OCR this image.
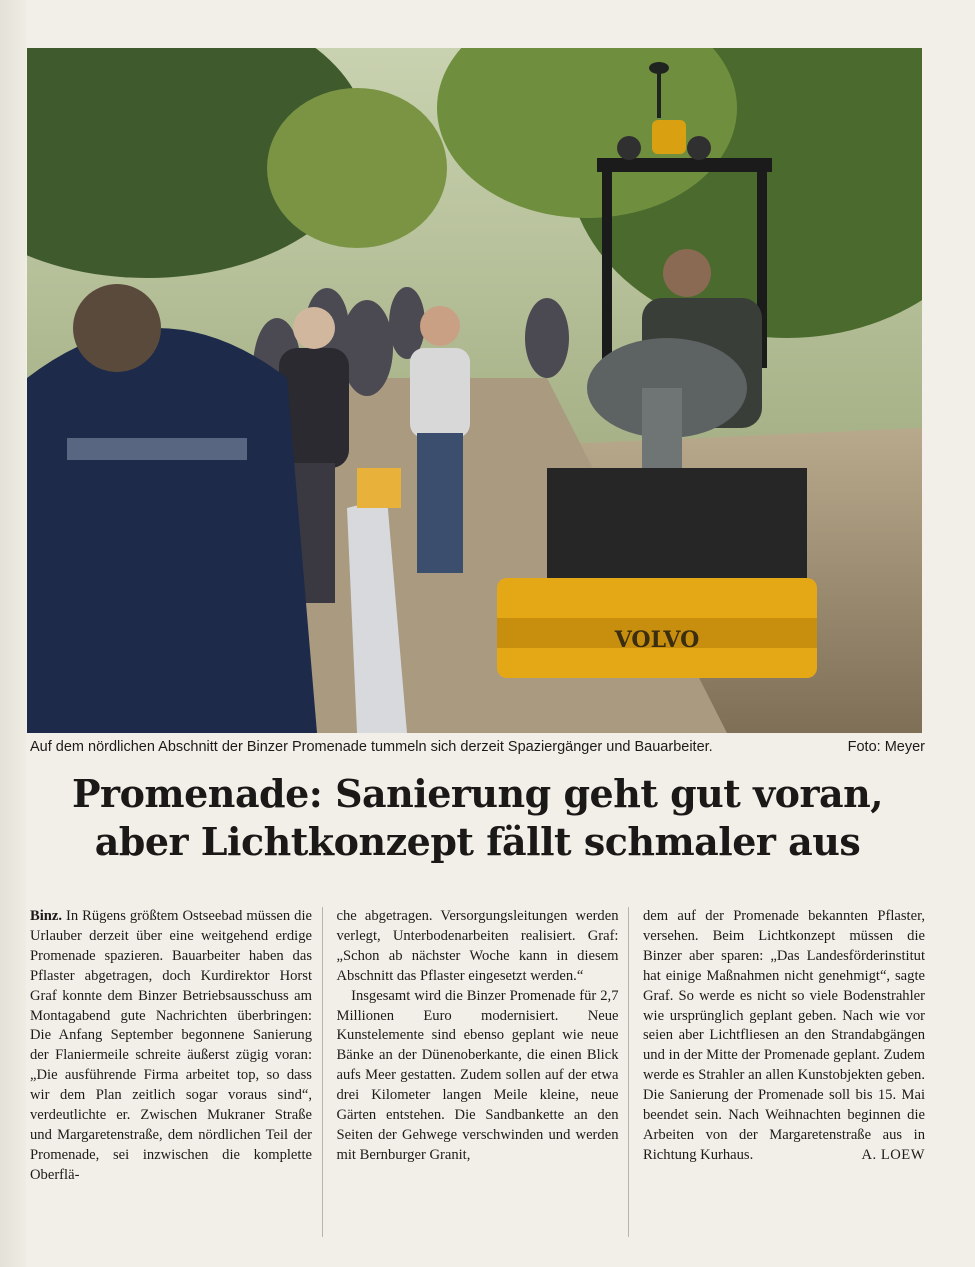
VOLVO
Auf dem nördlichen Abschnitt der Binzer Promenade tummeln sich derzeit Spaziergänger und Bauarbeiter.	Foto: Meyer
Promenade: Sanierung geht gut voran,
aber Lichtkonzept fällt schmaler aus

Binz. In Rügens größtem Ostseebad müssen die Urlauber derzeit über eine weitgehend erdige Promenade spazieren. Bauarbeiter haben das Pflaster abgetragen, doch Kurdirektor Horst Graf konnte dem Binzer Betriebsausschuss am Montagabend gute Nachrichten überbringen: Die Anfang September begonnene Sanierung der Flaniermeile schreite äußerst zügig voran: „Die ausführende Firma arbeitet top, so dass wir dem Plan zeitlich sogar voraus sind“, verdeutlichte er. Zwischen Mukraner Straße und Margaretenstraße, dem nördlichen Teil der Promenade, sei inzwischen die komplette Oberflä-

che abgetragen. Versorgungsleitungen werden verlegt, Unterbodenarbeiten realisiert. Graf: „Schon ab nächster Woche kann in diesem Abschnitt das Pflaster eingesetzt werden.“

Insgesamt wird die Binzer Promenade für 2,7 Millionen Euro modernisiert. Neue Kunstelemente sind ebenso geplant wie neue Bänke an der Dünenoberkante, die einen Blick aufs Meer gestatten. Zudem sollen auf der etwa drei Kilometer langen Meile kleine, neue Gärten entstehen. Die Sandbankette an den Seiten der Gehwege verschwinden und werden mit Bernburger Granit,

dem auf der Promenade bekannten Pflaster, versehen. Beim Lichtkonzept müssen die Binzer aber sparen: „Das Landesförderinstitut hat einige Maßnahmen nicht genehmigt“, sagte Graf. So werde es nicht so viele Bodenstrahler wie ursprünglich geplant geben. Nach wie vor seien aber Lichtfliesen an den Strandabgängen und in der Mitte der Promenade geplant. Zudem werde es Strahler an allen Kunstobjekten geben. Die Sanierung der Promenade soll bis 15. Mai beendet sein. Nach Weihnachten beginnen die Arbeiten von der Margaretenstraße aus in Richtung Kurhaus.	A. LOEW
